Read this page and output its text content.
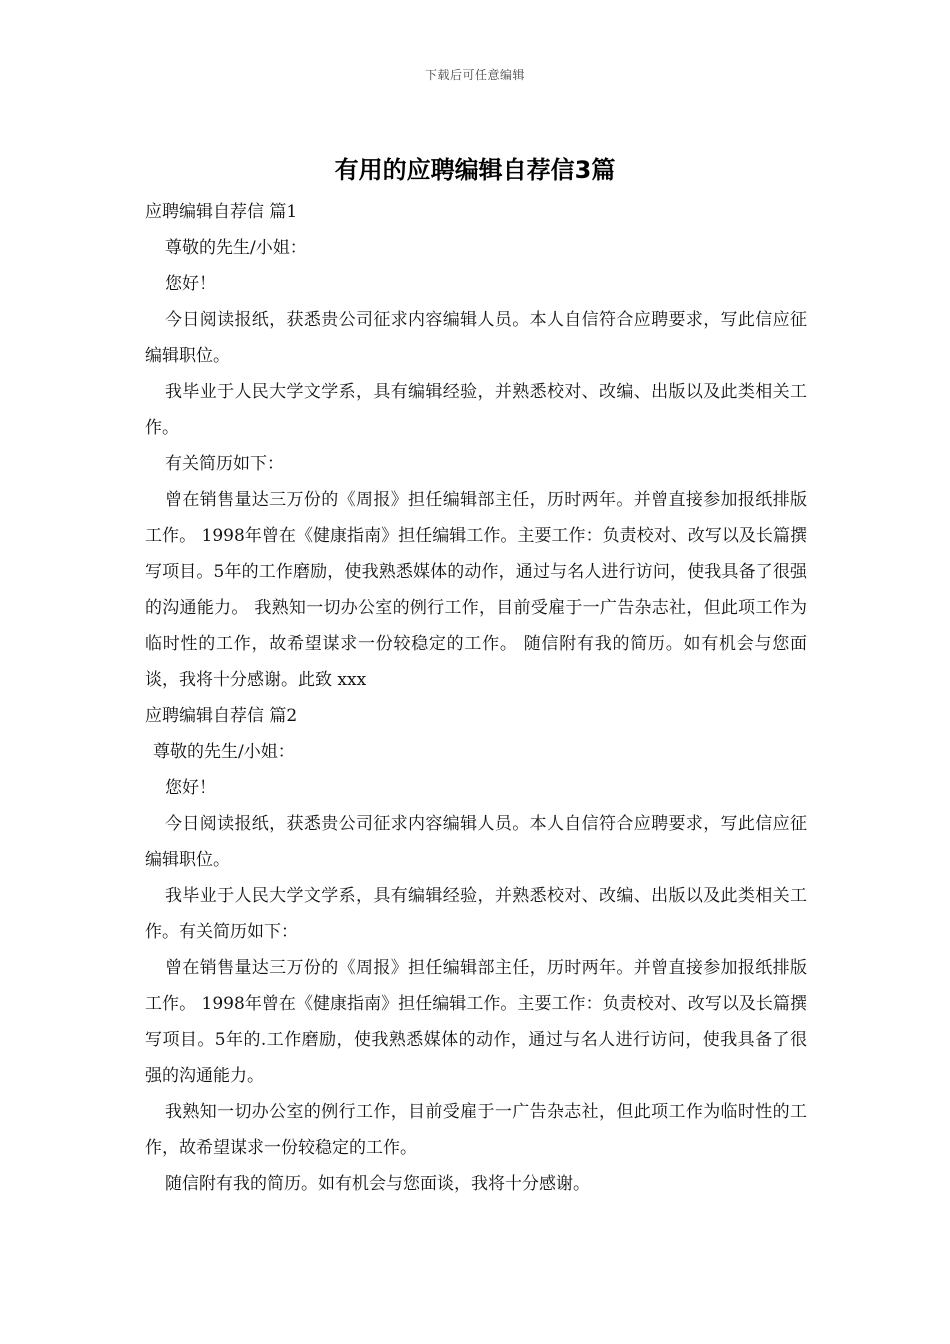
下载后可任意编辑
有用的应聘编辑自荐信3篇

应聘编辑自荐信 篇1

尊敬的先生/小姐：

您好！

今日阅读报纸，获悉贵公司征求内容编辑人员。本人自信符合应聘要求，写此信应征编辑职位。

我毕业于人民大学文学系，具有编辑经验，并熟悉校对、改编、出版以及此类相关工作。

有关简历如下：

曾在销售量达三万份的《周报》担任编辑部主任，历时两年。并曾直接参加报纸排版工作。 1998年曾在《健康指南》担任编辑工作。主要工作：负责校对、改写以及长篇撰写项目。5年的工作磨励，使我熟悉媒体的动作，通过与名人进行访问，使我具备了很强的沟通能力。 我熟知一切办公室的例行工作，目前受雇于一广告杂志社，但此项工作为临时性的工作，故希望谋求一份较稳定的工作。 随信附有我的简历。如有机会与您面谈，我将十分感谢。此致 xxx

应聘编辑自荐信 篇2

尊敬的先生/小姐：

您好！

今日阅读报纸，获悉贵公司征求内容编辑人员。本人自信符合应聘要求，写此信应征编辑职位。

我毕业于人民大学文学系，具有编辑经验，并熟悉校对、改编、出版以及此类相关工作。有关简历如下：

曾在销售量达三万份的《周报》担任编辑部主任，历时两年。并曾直接参加报纸排版工作。 1998年曾在《健康指南》担任编辑工作。主要工作：负责校对、改写以及长篇撰写项目。5年的.工作磨励，使我熟悉媒体的动作，通过与名人进行访问，使我具备了很强的沟通能力。

我熟知一切办公室的例行工作，目前受雇于一广告杂志社，但此项工作为临时性的工作，故希望谋求一份较稳定的工作。

随信附有我的简历。如有机会与您面谈，我将十分感谢。
